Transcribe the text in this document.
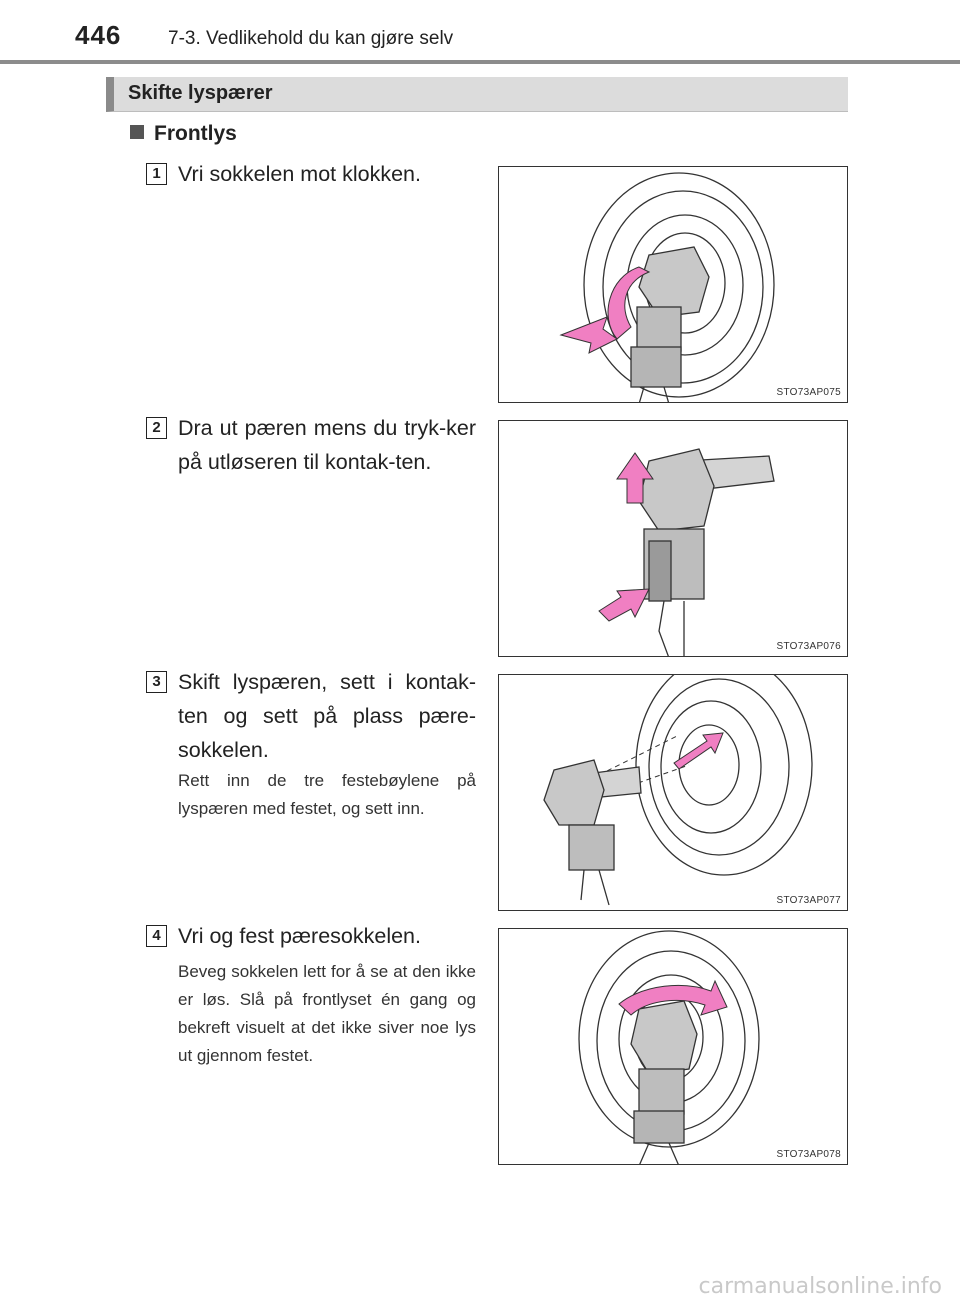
446 7-3. Vedlikehold du kan gjøre selv
Skifte lyspærer
Frontlys
1 Vri sokkelen mot klokken.
STO73AP075
2 Dra ut pæren mens du tryk-ker på utløseren til kontak-ten.
STO73AP076
3 Skift lyspæren, sett i kontak-ten og sett på plass pære-sokkelen.
Rett inn de tre festebøylene på lyspæren med festet, og sett inn.
STO73AP077
4 Vri og fest pæresokkelen.
Beveg sokkelen lett for å se at den ikke er løs. Slå på frontlyset én gang og bekreft visuelt at det ikke siver noe lys ut gjennom festet.
STO73AP078
carmanualsonline.info
